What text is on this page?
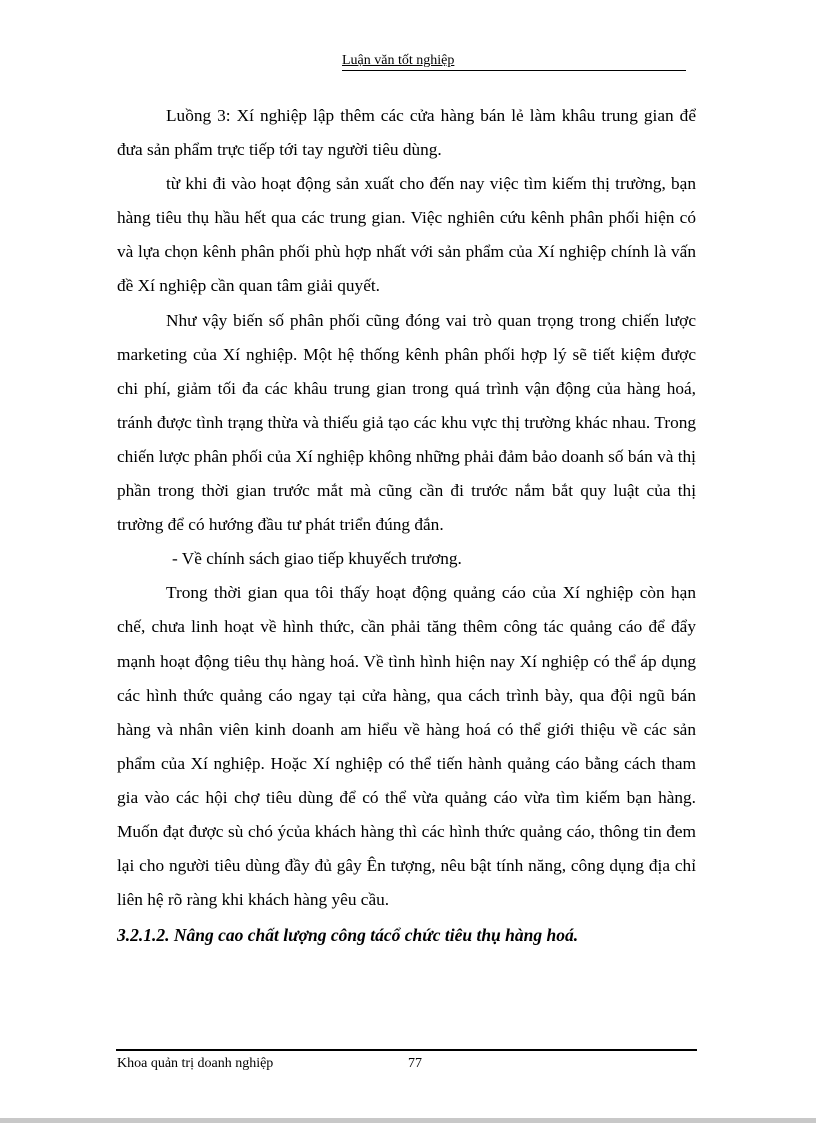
Luận văn tốt nghiệp

Luồng 3: Xí nghiệp lập thêm các cửa hàng bán lẻ làm khâu trung gian để đưa sản phẩm trực tiếp tới tay người tiêu dùng.

từ khi đi vào hoạt động sản xuất cho đến nay việc tìm kiếm thị trường, bạn hàng tiêu thụ hầu hết qua các trung gian. Việc nghiên cứu kênh phân phối hiện có và lựa chọn kênh phân phối phù hợp nhất với sản phẩm của Xí nghiệp chính là vấn đề Xí nghiệp cần quan tâm giải quyết.

Như vậy biến số phân phối cũng đóng vai trò quan trọng trong chiến lược marketing của Xí nghiệp. Một hệ thống kênh phân phối hợp lý sẽ tiết kiệm được chi phí, giảm tối đa các khâu trung gian trong quá trình vận động của hàng hoá, tránh được tình trạng thừa và thiếu giả tạo các khu vực thị trường khác nhau. Trong chiến lược phân phối của Xí nghiệp không những phải đảm bảo doanh số bán và thị phần trong thời gian trước mắt mà cũng cần đi trước nắm bắt quy luật của thị trường để có hướng đầu tư phát triển đúng đắn.

- Về chính sách giao tiếp khuyếch trương.

Trong thời gian qua tôi thấy hoạt động quảng cáo của Xí nghiệp còn hạn chế, chưa linh hoạt về hình thức, cần phải tăng thêm công tác quảng cáo để đẩy mạnh hoạt động tiêu thụ hàng hoá. Về tình hình hiện nay Xí nghiệp có thể áp dụng các hình thức quảng cáo ngay tại cửa hàng, qua cách trình bày, qua đội ngũ bán hàng và nhân viên kinh doanh am hiểu về hàng hoá có thể giới thiệu về các sản phẩm của Xí nghiệp. Hoặc Xí nghiệp có thể tiến hành quảng cáo bằng cách tham gia vào các hội chợ tiêu dùng để có thể vừa quảng cáo vừa tìm kiếm bạn hàng. Muốn đạt được sù chó ýcủa khách hàng thì các hình thức quảng cáo, thông tin đem lại cho người tiêu dùng đầy đủ gây Ên tượng, nêu bật tính năng, công dụng địa chỉ liên hệ rõ ràng khi khách hàng yêu cầu.

3.2.1.2. Nâng cao chất lượng công tácổ chức tiêu thụ hàng hoá.

Khoa quản trị doanh nghiệp	77
